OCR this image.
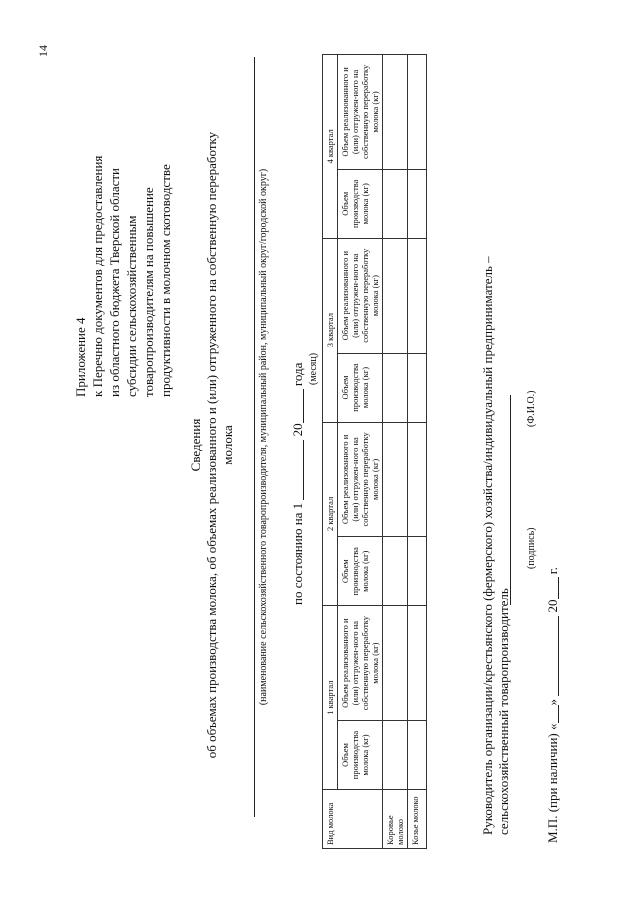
14
Приложение 4 к Перечню документов для предоставления из областного бюджета Тверской области субсидии сельскохозяйственным товаропроизводителям на повышение продуктивности в молочном скотоводстве
Сведения об объемах производства молока, об объемах реализованного и (или) отгруженного на собственную переработку молока (наименование сельскохозяйственного товаропроизводителя, муниципальный район, муниципальный округ/городской округ) по состоянию на 1  20 года (месяц)
Вид молока	1 квартал		2 квартал		3 квартал		4 квартал	
	Объем производства молока (кг)	Объем реализованного и (или) отгружен-ного на собственную переработку молока (кг)	Объем производства молока (кг)	Объем реализованного и (или) отгружен-ного на собственную переработку молока (кг)	Объем производства молока (кг)	Объем реализованного и (или) отгружен-ного на собственную переработку молока (кг)	Объем производства молока (кг)	Объем реализованного и (или) отгружен-ного на собственную переработку молока (кг)
Коровье молоко								
Козье молоко									Руководитель организации/крестьянского (фермерского) хозяйства/индивидуальный предприниматель – сельскохозяйственный товаропроизводитель
(подпись)
(Ф.И.О.)
М.П. (при наличии) «»  20 г.
